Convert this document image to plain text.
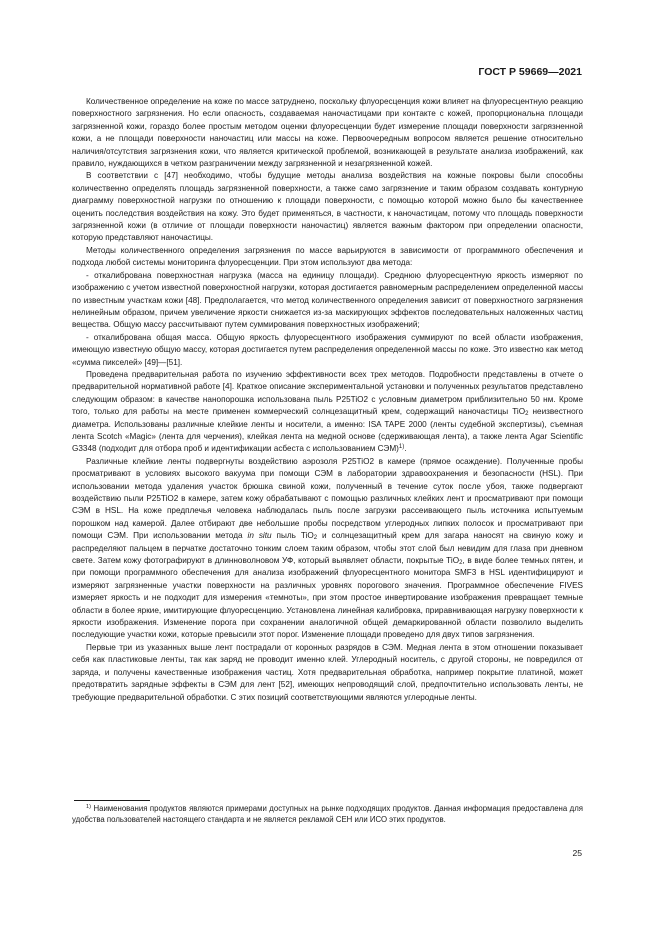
ГОСТ Р 59669—2021

Количественное определение на коже по массе затруднено, поскольку флуоресценция кожи влияет на флуоресцентную реакцию поверхностного загрязнения. Но если опасность, создаваемая наночастицами при контакте с кожей, пропорциональна площади загрязненной кожи, гораздо более простым методом оценки флуоресценции будет измерение площади поверхности загрязненной кожи, а не площади поверхности наночастиц или массы на коже. Первоочередным вопросом является решение относительно наличия/отсутствия загрязнения кожи, что является критической проблемой, возникающей в результате анализа изображений, как правило, нуждающихся в четком разграничении между загрязненной и незагрязненной кожей.

В соответствии с [47] необходимо, чтобы будущие методы анализа воздействия на кожные покровы были способны количественно определять площадь загрязненной поверхности, а также само загрязнение и таким образом создавать контурную диаграмму поверхностной нагрузки по отношению к площади поверхности, с помощью которой можно было бы качественнее оценить последствия воздействия на кожу. Это будет применяться, в частности, к наночастицам, потому что площадь поверхности загрязненной кожи (в отличие от площади поверхности наночастиц) является важным фактором при определении опасности, которую представляют наночастицы.

Методы количественного определения загрязнения по массе варьируются в зависимости от программного обеспечения и подхода любой системы мониторинга флуоресценции. При этом используют два метода:

- откалиброванa поверхностная нагрузка (масса на единицу площади). Среднюю флуоресцентную яркость измеряют по изображению с учетом известной поверхностной нагрузки, которая достигается равномерным распределением определенной массы по известным участкам кожи [48]. Предполагается, что метод количественного определения зависит от поверхностного загрязнения нелинейным образом, причем увеличение яркости снижается из-за маскирующих эффектов последовательных наложенных частиц вещества. Общую массу рассчитывают путем суммирования поверхностных изображений;

- откалиброванa общая масса. Общую яркость флуоресцентного изображения суммируют по всей области изображения, имеющую известную общую массу, которая достигается путем распределения определенной массы по коже. Это известно как метод «сумма пикселей» [49]—[51].

Проведена предварительная работа по изучению эффективности всех трех методов. Подробности представлены в отчете о предварительной нормативной работе [4]. Краткое описание экспериментальной установки и полученных результатов представлено следующим образом: в качестве нанопорошка использована пыль P25TiO2 с условным диаметром приблизительно 50 нм. Кроме того, только для работы на месте применен коммерческий солнцезащитный крем, содержащий наночастицы TiO$_2$ неизвестного диаметра. Использованы различные клейкие ленты и носители, а именно: ISA TAPE 2000 (ленты судебной экспертизы), съемная лента Scotch «Magic» (лента для черчения), клейкая лента на медной основе (сдерживающая лента), а также лента Agar Scientific G3348 (подходит для отбора проб и идентификации асбеста с использованием СЭМ)$^{1)}$.

Различные клейкие ленты подвергнуты воздействию аэрозоля P25TiO2 в камере (прямое осаждение). Полученные пробы просматривают в условиях высокого вакуума при помощи СЭМ в лаборатории здравоохранения и безопасности (HSL). При использовании метода удаления участок брюшка свиной кожи, полученный в течение суток после убоя, также подвергают воздействию пыли P25TiO2 в камере, затем кожу обрабатывают с помощью различных клейких лент и просматривают при помощи СЭМ в HSL. На коже предплечья человека наблюдалась пыль после загрузки рассеивающего пыль источника испытуемым порошком над камерой. Далее отбирают две небольшие пробы посредством углеродных липких полосок и просматривают при помощи СЭМ. При использовании метода in situ пыль TiO$_2$ и солнцезащитный крем для загара наносят на свиную кожу и распределяют пальцем в перчатке достаточно тонким слоем таким образом, чтобы этот слой был невидим для глаза при дневном свете. Затем кожу фотографируют в длинноволновом УФ, который выявляет области, покрытые TiO$_2$, в виде более темных пятен, и при помощи программного обеспечения для анализа изображений флуоресцентного монитора SMF3 в HSL идентифицируют и измеряют загрязненные участки поверхности на различных уровнях порогового значения. Программное обеспечение FIVES измеряет яркость и не подходит для измерения «темноты», при этом простое инвертирование изображения превращает темные области в более яркие, имитирующие флуоресценцию. Установлена линейная калибровка, приравнивающая нагрузку поверхности к яркости изображения. Изменение порога при сохранении аналогичной общей демаркированной области позволило выделить последующие участки кожи, которые превысили этот порог. Изменение площади проведено для двух типов загрязнения.

Первые три из указанных выше лент пострадали от коронных разрядов в СЭМ. Медная лента в этом отношении показывает себя как пластиковые ленты, так как заряд не проводит именно клей. Углеродный носитель, с другой стороны, не повредился от заряда, и получены качественные изображения частиц. Хотя предварительная обработка, например покрытие платиной, может предотвратить зарядные эффекты в СЭМ для лент [52], имеющих непроводящий слой, предпочтительно использовать ленты, не требующие предварительной обработки. С этих позиций соответствующими являются углеродные ленты.

$^{1)}$ Наименования продуктов являются примерами доступных на рынке подходящих продуктов. Данная информация предоставлена для удобства пользователей настоящего стандарта и не является рекламой CEH или ИСО этих продуктов.

25
